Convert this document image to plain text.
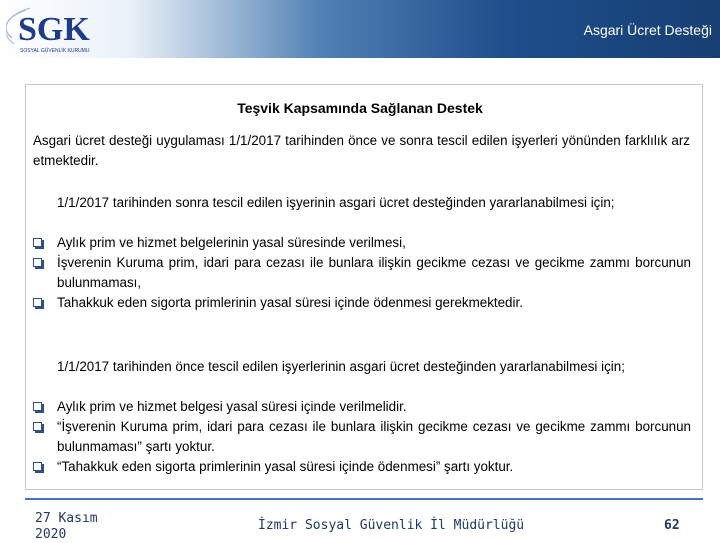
SGK
SOSYAL GÜVENLİK KURUMU
Asgari Ücret Desteği
Teşvik Kapsamında Sağlanan Destek
Asgari ücret desteği uygulaması 1/1/2017 tarihinden önce ve sonra tescil edilen işyerleri yönünden farklılık arz etmektedir.
1/1/2017 tarihinden sonra tescil edilen işyerinin asgari ücret desteğinden yararlanabilmesi için;
Aylık prim ve hizmet belgelerinin yasal süresinde verilmesi,
İşverenin Kuruma prim, idari para cezası ile bunlara ilişkin gecikme cezası ve gecikme zammı borcunun bulunmaması,
Tahakkuk eden sigorta primlerinin yasal süresi içinde ödenmesi gerekmektedir.
1/1/2017 tarihinden önce tescil edilen işyerlerinin asgari ücret desteğinden yararlanabilmesi için;
Aylık prim ve hizmet belgesi yasal süresi içinde verilmelidir.
“İşverenin Kuruma prim, idari para cezası ile bunlara ilişkin gecikme cezası ve gecikme zammı borcunun bulunmaması” şartı yoktur.
“Tahakkuk eden sigorta primlerinin yasal süresi içinde ödenmesi” şartı yoktur.
27 Kasım 2020
İzmir Sosyal Güvenlik İl Müdürlüğü	62
